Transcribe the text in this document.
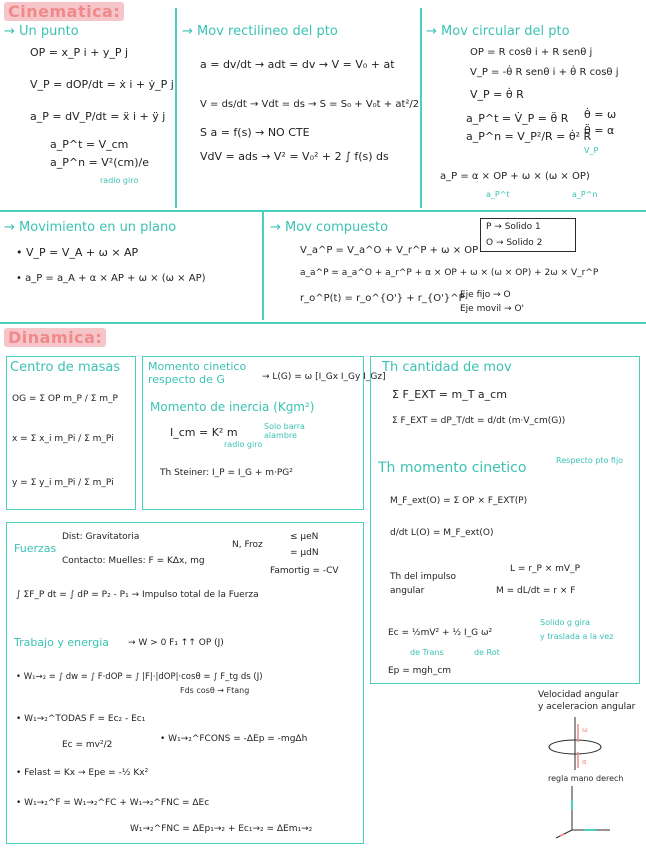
Cinematica:
→ Un punto
OP = x_P i + y_P j
V_P = dOP/dt = ẋ i + ẏ_P j
a_P = dV_P/dt = ẍ i + ÿ j
a_P^t = V_cm
a_P^n = V²(cm)/e
radio giro
→ Mov rectilineo del pto
a = dv/dt → adt = dv → V = V₀ + at
V = ds/dt → Vdt = ds → S = S₀ + V₀t + at²/2
S a = f(s) → NO CTE
VdV = ads → V² = V₀² + 2 ∫ f(s) ds
→ Mov circular del pto
OP = R cosθ i + R senθ j
V_P = -θ̇ R senθ i + θ̇ R cosθ j
V_P = θ̇ R
a_P^t = V̇_P = θ̈ R
a_P^n = V_P²/R = θ̇² R
θ̇ = ω
θ̈ = α
V_P
a_P = α × OP + ω × (ω × OP)
a_P^t	a_P^n
→ Movimiento en un plano
• V_P = V_A + ω × AP
• a_P = a_A + α × AP + ω × (ω × AP)
→ Mov compuesto	P → Solido 1
O → Solido 2
V_a^P = V_a^O + V_r^P + ω × OP
a_a^P = a_a^O + a_r^P + α × OP + ω × (ω × OP) + 2ω × V_r^P
r_o^P(t) = r_o^{O'} + r_{O'}^P
Eje fijo → O
Eje movil → O'
Dinamica:
Centro de masas
OG = Σ OP m_P / Σ m_P
x = Σ x_i m_Pi / Σ m_Pi
y = Σ y_i m_Pi / Σ m_Pi
Momento cinetico respecto de G	→ L(G) = ω [I_Gx I_Gy I_Gz]
Momento de inercia (Kgm²)
I_cm = K² m	Solo barra alambre
radio giro
Th Steiner: I_P = I_G + m·PG²
Th cantidad de mov
Σ F_EXT = m_T a_cm
Σ F_EXT = dP_T/dt = d/dt (m·V_cm(G))
Th momento cinetico	Respecto pto fijo
M_F_ext(O) = Σ OP × F_EXT(P)
d/dt L(O) = M_F_ext(O)
Th del impulso angular
L = r_P × mV_P
M = dL/dt = r × F
Ec = ½mV² + ½ I_G ω²
Solido g gira
y traslada a la vez
de Trans	de Rot
Ep = mgh_cm
Fuerzas
Dist: Gravitatoria
Contacto: Muelles: F = KΔx, mg
N, Froz
≤ μeN
= μdN
Famortig = -CV
∫ ΣF_P dt = ∫ dP = P₂ - P₁ → Impulso total de la Fuerza
Trabajo y energia → W > 0 F₁ ↑↑ OP (J)
• W₁→₂ = ∫ dw = ∫ F·dOP = ∫ |F|·|dOP|·cosθ = ∫ F_tg ds (J)
Fds cosθ → Ftang
• W₁→₂^TODAS F = Ec₂ - Ec₁
Ec = mv²/2
• W₁→₂^FCONS = -ΔEp = -mgΔh
• Felast = Kx → Epe = -½ Kx²
• W₁→₂^F = W₁→₂^FC + W₁→₂^FNC = ΔEc
W₁→₂^FNC = ΔEp₁→₂ + Ec₁→₂ = ΔEm₁→₂
Velocidad angular
y aceleracion angular
ω
α
regla mano derech
